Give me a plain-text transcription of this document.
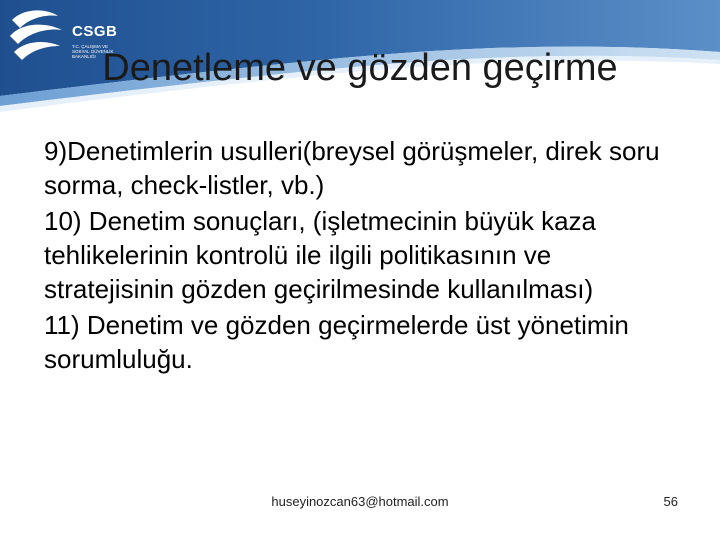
CSGB
T.C. ÇALIŞMA VE
SOSYAL GÜVENLİK
BAKANLIĞI Denetleme ve gözden geçirme

9)Denetimlerin usulleri(breysel görüşmeler, direk soru sorma, check-listler, vb.)

10) Denetim sonuçları, (işletmecinin büyük kaza tehlikelerinin kontrolü ile ilgili politikasının ve stratejisinin gözden geçirilmesinde kullanılması)

11) Denetim ve gözden geçirmelerde üst yönetimin sorumluluğu.

huseyinozcan63@hotmail.com	56
